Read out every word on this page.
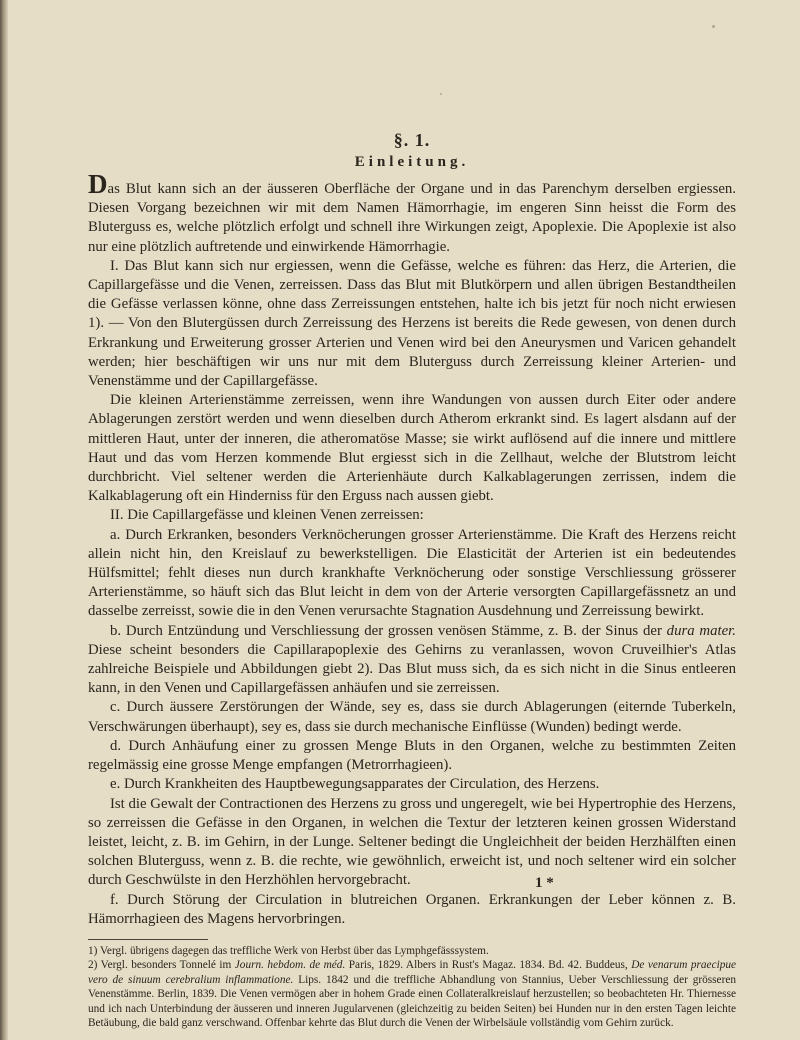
§. 1.
Einleitung.

Das Blut kann sich an der äusseren Oberfläche der Organe und in das Parenchym derselben ergiessen. Diesen Vorgang bezeichnen wir mit dem Namen Hämorrhagie, im engeren Sinn heisst die Form des Bluterguss es, welche plötzlich erfolgt und schnell ihre Wirkungen zeigt, Apoplexie. Die Apoplexie ist also nur eine plötzlich auftretende und einwirkende Hämorrhagie.

I. Das Blut kann sich nur ergiessen, wenn die Gefässe, welche es führen: das Herz, die Arterien, die Capillargefässe und die Venen, zerreissen. Dass das Blut mit Blutkörpern und allen übrigen Bestandtheilen die Gefässe verlassen könne, ohne dass Zerreissungen entstehen, halte ich bis jetzt für noch nicht erwiesen 1). — Von den Blutergüssen durch Zerreissung des Herzens ist bereits die Rede gewesen, von denen durch Erkrankung und Erweiterung grosser Arterien und Venen wird bei den Aneurysmen und Varicen gehandelt werden; hier beschäftigen wir uns nur mit dem Bluterguss durch Zerreissung kleiner Arterien- und Venenstämme und der Capillargefässe.

Die kleinen Arterienstämme zerreissen, wenn ihre Wandungen von aussen durch Eiter oder andere Ablagerungen zerstört werden und wenn dieselben durch Atherom erkrankt sind. Es lagert alsdann auf der mittleren Haut, unter der inneren, die atheromatöse Masse; sie wirkt auflösend auf die innere und mittlere Haut und das vom Herzen kommende Blut ergiesst sich in die Zellhaut, welche der Blutstrom leicht durchbricht. Viel seltener werden die Arterienhäute durch Kalkablagerungen zerrissen, indem die Kalkablagerung oft ein Hinderniss für den Erguss nach aussen giebt.

II. Die Capillargefässe und kleinen Venen zerreissen:

a. Durch Erkranken, besonders Verknöcherungen grosser Arterienstämme. Die Kraft des Herzens reicht allein nicht hin, den Kreislauf zu bewerkstelligen. Die Elasticität der Arterien ist ein bedeutendes Hülfsmittel; fehlt dieses nun durch krankhafte Verknöcherung oder sonstige Verschliessung grösserer Arterienstämme, so häuft sich das Blut leicht in dem von der Arterie versorgten Capillargefässnetz an und dasselbe zerreisst, sowie die in den Venen verursachte Stagnation Ausdehnung und Zerreissung bewirkt.

b. Durch Entzündung und Verschliessung der grossen venösen Stämme, z. B. der Sinus der dura mater. Diese scheint besonders die Capillarapoplexie des Gehirns zu veranlassen, wovon Cruveilhier's Atlas zahlreiche Beispiele und Abbildungen giebt 2). Das Blut muss sich, da es sich nicht in die Sinus entleeren kann, in den Venen und Capillargefässen anhäufen und sie zerreissen.

c. Durch äussere Zerstörungen der Wände, sey es, dass sie durch Ablagerungen (eiternde Tuberkeln, Verschwärungen überhaupt), sey es, dass sie durch mechanische Einflüsse (Wunden) bedingt werde.

d. Durch Anhäufung einer zu grossen Menge Bluts in den Organen, welche zu bestimmten Zeiten regelmässig eine grosse Menge empfangen (Metrorrhagieen).

e. Durch Krankheiten des Hauptbewegungsapparates der Circulation, des Herzens.

Ist die Gewalt der Contractionen des Herzens zu gross und ungeregelt, wie bei Hypertrophie des Herzens, so zerreissen die Gefässe in den Organen, in welchen die Textur der letzteren keinen grossen Widerstand leistet, leicht, z. B. im Gehirn, in der Lunge. Seltener bedingt die Ungleichheit der beiden Herzhälften einen solchen Bluterguss, wenn z. B. die rechte, wie gewöhnlich, erweicht ist, und noch seltener wird ein solcher durch Geschwülste in den Herzhöhlen hervorgebracht.

f. Durch Störung der Circulation in blutreichen Organen. Erkrankungen der Leber können z. B. Hämorrhagieen des Magens hervorbringen.

1) Vergl. übrigens dagegen das treffliche Werk von Herbst über das Lymphgefässsystem.

2) Vergl. besonders Tonnelé im Journ. hebdom. de méd. Paris, 1829. Albers in Rust's Magaz. 1834. Bd. 42. Buddeus, De venarum praecipue vero de sinuum cerebralium inflammatione. Lips. 1842 und die treffliche Abhandlung von Stannius, Ueber Verschliessung der grösseren Venenstämme. Berlin, 1839. Die Venen vermögen aber in hohem Grade einen Collateralkreislauf herzustellen; so beobachteten Hr. Thiernesse und ich nach Unterbindung der äusseren und inneren Jugularvenen (gleichzeitig zu beiden Seiten) bei Hunden nur in den ersten Tagen leichte Betäubung, die bald ganz verschwand. Offenbar kehrte das Blut durch die Venen der Wirbelsäule vollständig vom Gehirn zurück.

1 *
